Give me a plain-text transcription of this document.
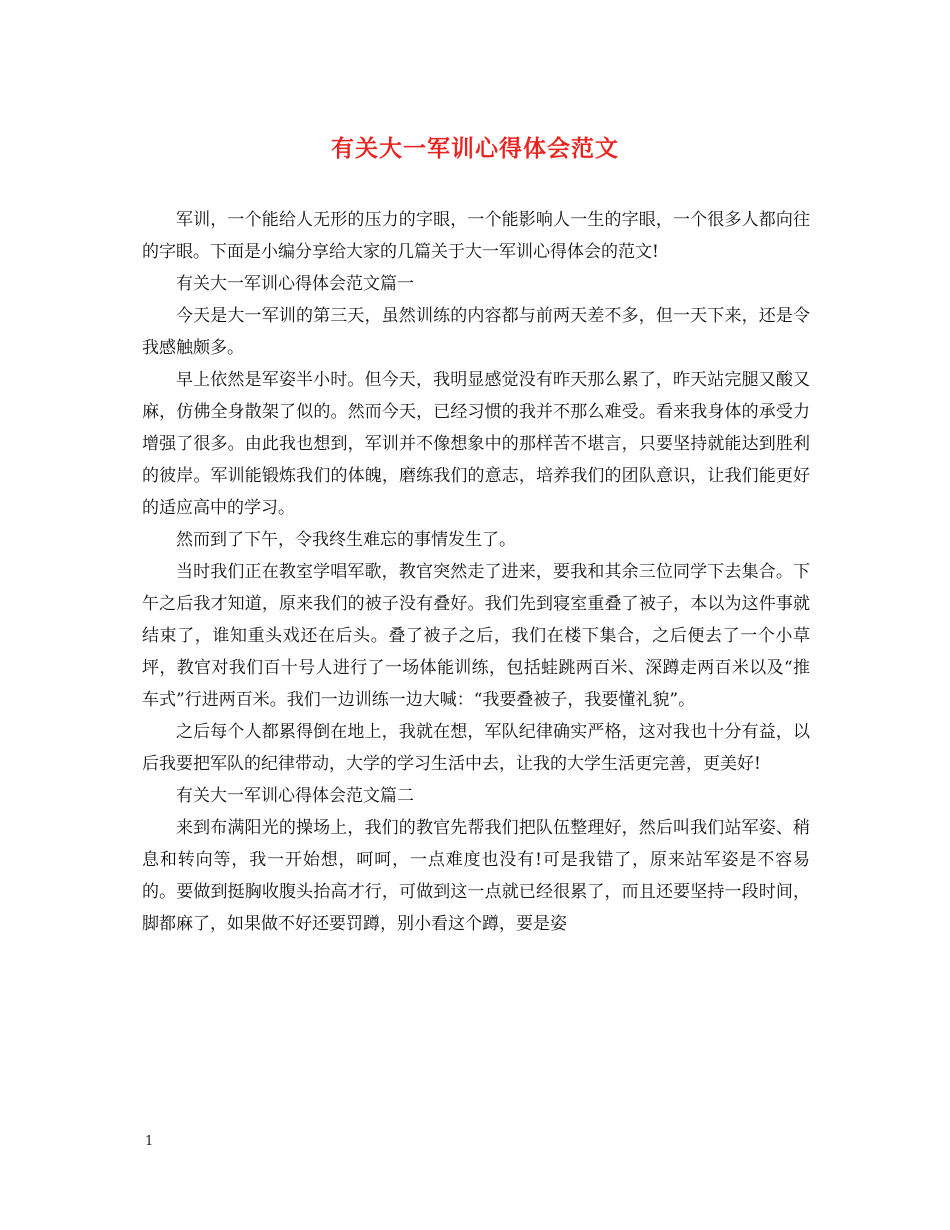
有关大一军训心得体会范文

军训，一个能给人无形的压力的字眼，一个能影响人一生的字眼，一个很多人都向往的字眼。下面是小编分享给大家的几篇关于大一军训心得体会的范文!

有关大一军训心得体会范文篇一

今天是大一军训的第三天，虽然训练的内容都与前两天差不多，但一天下来，还是令我感触颇多。

早上依然是军姿半小时。但今天，我明显感觉没有昨天那么累了，昨天站完腿又酸又麻，仿佛全身散架了似的。然而今天，已经习惯的我并不那么难受。看来我身体的承受力增强了很多。由此我也想到，军训并不像想象中的那样苦不堪言，只要坚持就能达到胜利的彼岸。军训能锻炼我们的体魄，磨练我们的意志，培养我们的团队意识，让我们能更好的适应高中的学习。

然而到了下午，令我终生难忘的事情发生了。

当时我们正在教室学唱军歌，教官突然走了进来，要我和其余三位同学下去集合。下午之后我才知道，原来我们的被子没有叠好。我们先到寝室重叠了被子，本以为这件事就结束了，谁知重头戏还在后头。叠了被子之后，我们在楼下集合，之后便去了一个小草坪，教官对我们百十号人进行了一场体能训练，包括蛙跳两百米、深蹲走两百米以及“推车式”行进两百米。我们一边训练一边大喊：“我要叠被子，我要懂礼貌”。

之后每个人都累得倒在地上，我就在想，军队纪律确实严格，这对我也十分有益，以后我要把军队的纪律带动，大学的学习生活中去，让我的大学生活更完善，更美好!

有关大一军训心得体会范文篇二

来到布满阳光的操场上，我们的教官先帮我们把队伍整理好，然后叫我们站军姿、稍息和转向等，我一开始想，呵呵，一点难度也没有!可是我错了，原来站军姿是不容易的。要做到挺胸收腹头抬高才行，可做到这一点就已经很累了，而且还要坚持一段时间，脚都麻了，如果做不好还要罚蹲，别小看这个蹲，要是姿

1
